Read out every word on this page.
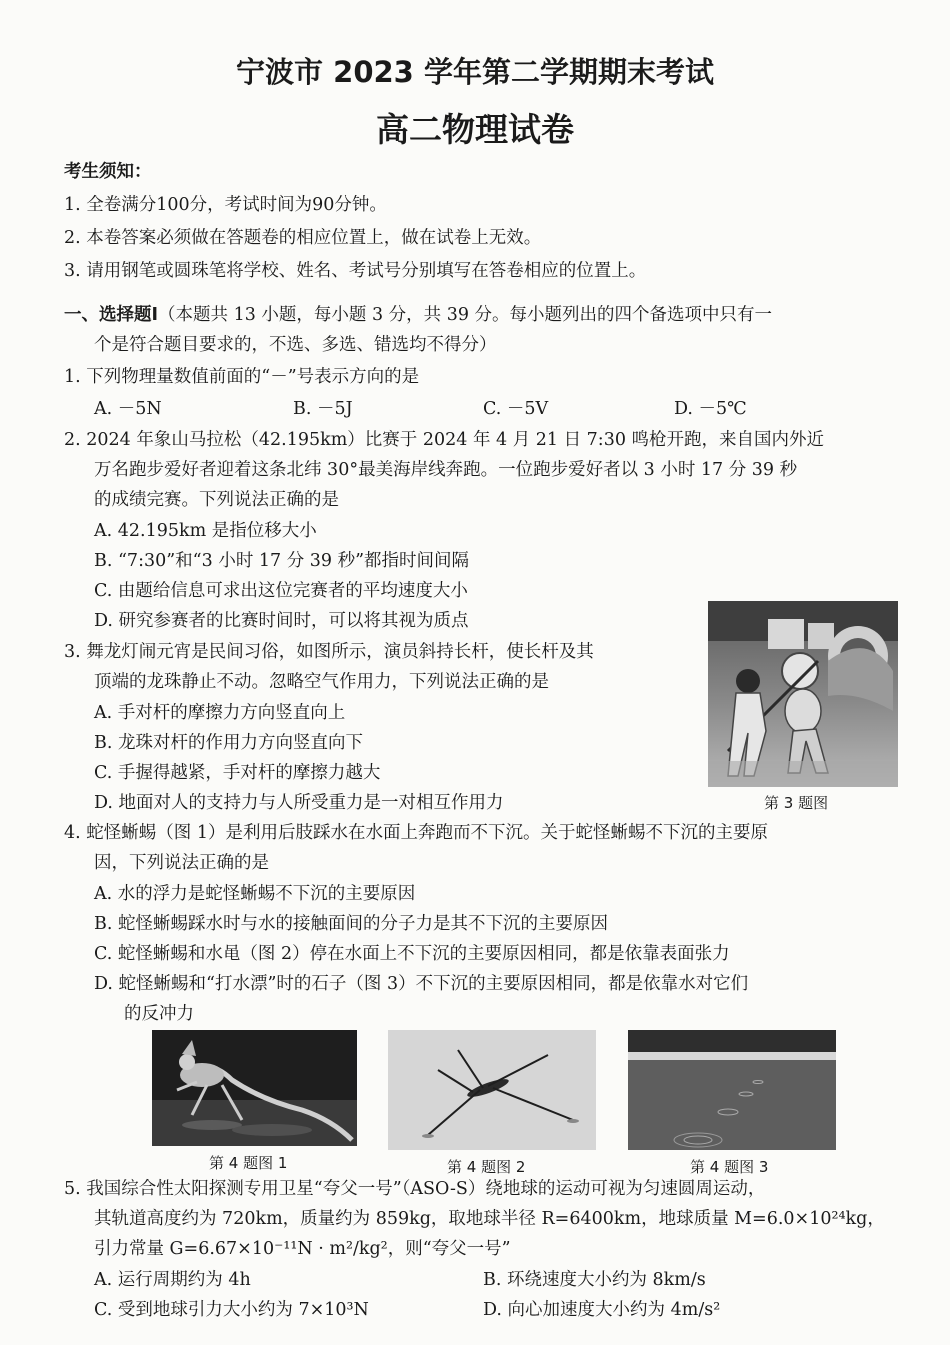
宁波市 2023 学年第二学期期末考试
高二物理试卷
考生须知：
1. 全卷满分100分，考试时间为90分钟。
2. 本卷答案必须做在答题卷的相应位置上，做在试卷上无效。
3. 请用钢笔或圆珠笔将学校、姓名、考试号分别填写在答卷相应的位置上。
一、选择题Ⅰ（本题共 13 小题，每小题 3 分，共 39 分。每小题列出的四个备选项中只有一
个是符合题目要求的，不选、多选、错选均不得分）
1. 下列物理量数值前面的“－”号表示方向的是
A. －5N	B. －5J	C. －5V	D. －5℃
2. 2024 年象山马拉松（42.195km）比赛于 2024 年 4 月 21 日 7:30 鸣枪开跑，来自国内外近
万名跑步爱好者迎着这条北纬 30°最美海岸线奔跑。一位跑步爱好者以 3 小时 17 分 39 秒
的成绩完赛。下列说法正确的是
A. 42.195km 是指位移大小
B. “7:30”和“3 小时 17 分 39 秒”都指时间间隔
C. 由题给信息可求出这位完赛者的平均速度大小
D. 研究参赛者的比赛时间时，可以将其视为质点
第 3 题图
3. 舞龙灯闹元宵是民间习俗，如图所示，演员斜持长杆，使长杆及其
顶端的龙珠静止不动。忽略空气作用力，下列说法正确的是
A. 手对杆的摩擦力方向竖直向上
B. 龙珠对杆的作用力方向竖直向下
C. 手握得越紧，手对杆的摩擦力越大
D. 地面对人的支持力与人所受重力是一对相互作用力
4. 蛇怪蜥蜴（图 1）是利用后肢踩水在水面上奔跑而不下沉。关于蛇怪蜥蜴不下沉的主要原
因，下列说法正确的是
A. 水的浮力是蛇怪蜥蜴不下沉的主要原因
B. 蛇怪蜥蜴踩水时与水的接触面间的分子力是其不下沉的主要原因
C. 蛇怪蜥蜴和水黾（图 2）停在水面上不下沉的主要原因相同，都是依靠表面张力
D. 蛇怪蜥蜴和“打水漂”时的石子（图 3）不下沉的主要原因相同，都是依靠水对它们
的反冲力
第 4 题图 1	第 4 题图 2	第 4 题图 3
5. 我国综合性太阳探测专用卫星“夸父一号”（ASO-S）绕地球的运动可视为匀速圆周运动，
其轨道高度约为 720km，质量约为 859kg，取地球半径 R=6400km，地球质量 M=6.0×10²⁴kg，
引力常量 G=6.67×10⁻¹¹N · m²/kg²，则“夸父一号”
A. 运行周期约为 4h	B. 环绕速度大小约为 8km/s
C. 受到地球引力大小约为 7×10³N	D. 向心加速度大小约为 4m/s²
